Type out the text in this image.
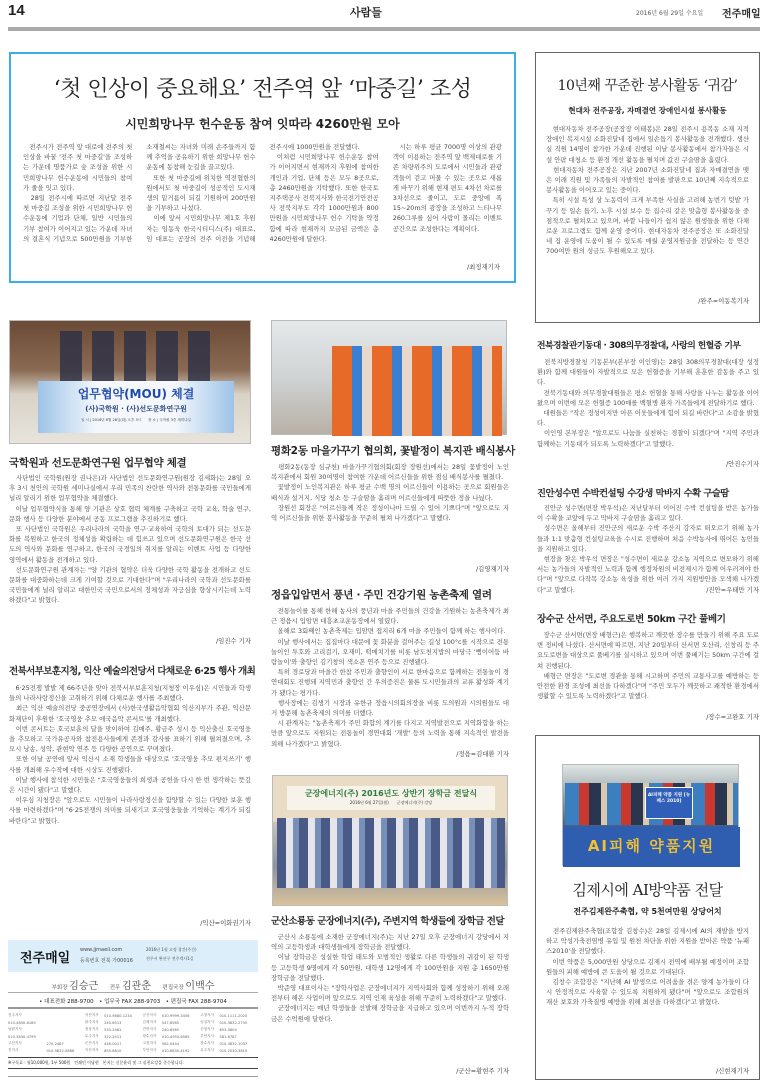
14	사람들	2016년 6월 29일 수요일 전주매일
‘첫 인상이 중요해요’ 전주역 앞 ‘마중길’ 조성
시민희망나무 헌수운동 참여 잇따라 4260만원 모아
　전주시가 전주역 앞 대로에 전주의 첫 인상을 바꿀 '전주 첫 마중길'을 조성하는 가운데 명품가로 숲 조성을 위한 시민희망나무 헌수운동에 시민들의 참여가 줄을 잇고 있다.
　28일 전주시에 따르면 지난달 전주 첫 마중길 조성을 위한 시민희망나무 헌수운동에 기업과 단체, 일반 시민들의 기부 참여가 이어지고 있는 가운데 자녀의 결혼식 기념으로 500만원을 기부한 소재철씨는 자녀와 미래 손주들까지 함께 추억을 공유하기 위한 희망나무 헌수운동에 동참해 눈길을 끌고있다.
　또한 첫 마중길에 위치한 역전협한의원에서도 첫 마중길이 성공적인 도시재생의 밑거름이 되길 기원하며 200만원을 기부하고 나섰다.
　이에 앞서 시민희망나무 제1호 후원자는 임동욱 한국시티디스(주) 대표로, 임 대표는 공장의 전주 이전을 기념해 전주시에 1000만원을 전달했다.
　이처럼 시민희망나무 헌수운동 참여가 이어지면서 현재까지 후원에 참여한 개인과 기업, 단체 등은 모두 8곳으로, 총 2460만원을 기탁했다. 또한 한국토지주택공사 전북지사와 한국전기안전공사 전북지부도 각각 1000만원과 800만원을 시민희망나무 헌수 기탁을 약정함에 따라 현재까지 모금된 금액은 총 4260만원에 달한다.
　시는 하루 평균 7000명 이상의 관광객이 이용하는 전주역 앞 백제대로를 기존 차량위주의 도로에서 시민들과 관광객들이 걷고 머물 수 있는 곳으로 새롭게 바꾸기 위해 현재 편도 4차선 차로를 3차선으로 줄이고, 도로 중앙에 폭15~20m의 광장을 조성하고 느티나무 260그루를 심어 사람이 몰리는 이벤트 공간으로 조성한다는 계획이다.
/최정재기자
10년째 꾸준한 봉사활동 ‘귀감’
현대차 전주공장, 자매결연 장애인시설 봉사활동
　현대자동차 전주공장(공장장 이태봉)은 28일 전주시 용복동 소재 지적장애인 복지시설 소화진달네 집에서 일손돕기 봉사활동을 전개했다. 생산실 직원 14명이 참가한 가운데 진행된 이날 봉사활동에서 참가자들은 시설 안팎 대청소 등 환경 개선 활동을 펼치며 값진 구슬땀을 흘렸다.
　현대자동차 전주공장은 지난 2007년 소화진달네 집과 자매결연을 맺은 이래 직원 및 가족들의 자발적인 참여를 발판으로 10년째 지속적으로 봉사활동을 이어오고 있는 중이다.
　특히 시설 특성 상 노동력이 크게 부족한 사실을 고려해 농번기 텃밭 가꾸기 등 일손 돕기, 노후 시설 보수 등 집수리 같은 맞춤형 봉사활동을 중점적으로 펼쳐오고 있으며, 바깥 나들이가 쉽지 않은 원생들을 위한 다채로운 프로그램도 함께 운영 중이다. 현대자동차 전주공장은 또 소화진달네 집 운영에 도움이 될 수 있도록 매월 운영지원금을 전달하는 등 연간 700여만 원의 성금도 후원해오고 있다.
/완주=이동복기자
업무협약(MOU) 체결
(사)국학원 · (사)선도문화연구원
일 시 | 2016년 6월 28일(화) 오후 3시　　장 소 | 국학원 3층 세미나실
국학원과 선도문화연구원 업무협약 체결
　사단법인 국학원(원장 권나은)과 사단법인 선도문화연구원(원장 김세화)는 28일 오후 3시 천안의 국학원 세미나실에서 우리 민족의 찬란한 역사와 전통문화를 국민들에게 널리 알리기 위한 업무협약을 체결했다.
　이날 업무협약식을 통해 양 기관은 상호 협력 체계를 구축하고 국학 교육, 학술 연구, 문화 행사 등 다양한 분야에서 공동 프로그램을 추진하기로 했다.
　또 사단법인 국학원은 우리나라의 국학을 연구·교육하여 국학의 토대가 되는 선도문화를 복원하고 한국의 정체성을 확립하는 데 힘쓰고 있으며 선도문화연구원은 한국 선도의 역사와 문화를 연구하고, 한국의 국경일의 취지를 알리는 이벤트 사업 등 다양한 영역에서 활동을 전개하고 있다.
　선도문화연구원 관계자는 "양 기관의 협약은 더욱 다양한 국학 활동을 전개하고 선도문화를 대중화하는데 크게 기여할 것으로 기대한다"며 "우리나라의 국학과 선도문화를 국민들에게 널리 알리고 대한민국 국민으로서의 정체성과 자긍심을 향상시키는데 노력하겠다"고 밝혔다.
/임진수 기자
전북서부보훈지청, 익산 예술의전당서 다채로운 6·25 행사 개최
　6·25전쟁 발발 제 66주년을 맞아 전북서부보훈지청(지청장 이우심)은 시민들과 학생들의 나라사랑정신을 고취하기 위해 다채로운 행사를 주최했다.
　최근 익산 예술의전당 중공연장에서 (사)한국생활음악협회 익산지부가 주관, 익산문화재단이 후원한 '호국영웅 추모 애국음악 콘서트'를 개최했다.
　이번 콘서트는 호국보훈의 달을 맞이하여 김매주, 황금주 성시 등 익산출신 호국영웅을 추모하고 국가유공자와 참전용사들에게 존경과 감사를 표하기 위해 펼쳐졌으며, 추모시 낭송, 성악, 관현악 연주 등 다양한 공연으로 꾸며졌다.
　또한 이날 공연에 앞서 익산시 소재 학생들을 대상으로 '호국영웅 추모 편지쓰기' 행사를 개최해 우수작에 대한 시상도 진행됐다.
　이날 행사에 참석한 시민들은 "호국영웅들의 희생과 공헌을 다시 한 번 생각하는 뜻깊은 시간이 됐다"고 말했다.
　이우심 지청장은 "앞으로도 시민들이 나라사랑정신을 함양할 수 있는 다양한 보훈 행사를 마련하겠다"며 "6·25전쟁의 의미를 되새기고 호국영웅들을 기억하는 계기가 되길 바란다"고 밝혔다.
/익산=이화권기자
평화2동 마을가꾸기 협의회, 꽃밭정이 복지관 배식봉사
　평화2동(동장 심규천) 마을가꾸기협의회(회장 장원선)에서는 28일 꽃밭정이 노인복지관에서 회원 30여명이 참여한 가운데 어르신들을 위한 점심 배식봉사를 펼쳤다.
　꽃밭정이 노인복지관은 하루 평균 수백 명의 어르신들이 이용하는 곳으로 회원들은 배식과 설거지, 식당 청소 등 구슬땀을 흘리며 어르신들에게 따뜻한 정을 나눴다.
　장원선 회장은 "어르신들께 작은 정성이나마 드릴 수 있어 기쁘다"며 "앞으로도 지역 어르신들을 위한 봉사활동을 꾸준히 펼쳐 나가겠다"고 말했다.
/김영재기자
정읍입암면서 풍년 · 주민 건강기원 농촌축제 열려
　전통놀이를 통해 한해 농사의 풍년과 마을 주민들의 건강을 기원하는 농촌축제가 최근 정읍시 입암면 대흥초교운동장에서 열렸다.
　올해로 3회째인 농촌축제는 입암면 접지리 6개 마을 주민들이 함께 하는 행사이다.
　이날 행사에서는 집집마다 대문에 꽃 화분을 걸어주는 길성 100°c를 시작으로 전통놀이인 투호와 고리걸기, 오재미, 떡메치기를 비롯 남도천지밥의 마당극 '뻥이어둠 바람놀이'와 출향인 김기창의 색소폰 연주 등으로 진행됐다.
　특히 경로당과 마을간 한참 주민과 출향인이 서로 한마음으로 함께하는 전통놀이 경연대회도 진행돼 지역민과 출향인 간 우의증진은 물론 도시민들과의 교류 활성화 계기가 됐다는 평가다.
　행사장에는 김생기 시장과 유한규 정읍시의회의장을 비롯 도의원과 시의원들도 대거 방문해 농촌축제의 의미를 더했다.
　시 관계자는 "농촌축제가 주민 화합의 계기를 다지고 지역발전으로 지역화합을 하는 만큼 앞으로도 지원되는 전통놀이 경연대회 '개발' 등의 노력을 통해 지속적인 발전을 꾀해 나가겠다"고 밝혔다.
/정읍=김대환 기자
군장에너지(주) 2016년도 상반기 장학금 전달식
2016년 6월 27일(월)　　군장에너지(주) 강당
군산소룡동 군장에너지(주), 주변지역 학생들에 장학금 전달
　군산시 소룡동에 소재한 군장에너지(주)는 지난 27일 오후 군장에너지 강당에서 지역의 고등학생과 대학생들에게 장학금을 전달했다.
　이날 장학금은 성실한 학업 태도와 모범적인 생활로 다른 학생들의 귀감이 된 학생 등 고등학생 9명에게 각 50만원, 대학생 12명에게 각 100만원을 지원 총 1650만원 장학금을 전달했다.
　박준영 대표이사는 "장학사업은 군장에너지가 지역사회와 함께 성장하기 위해 오래전부터 해온 사업이며 앞으로도 지역 인재 육성을 위해 꾸준히 노력하겠다"고 말했다.
　군장에너지는 매년 학생들을 선발해 장학금을 지급하고 있으며 이번까지 누적 장학금은 수억원에 달한다.
/군산=황현주 기자
전북경찰관기동대 · 308의무경찰대, 사랑의 헌혈증 기부
　전북지방경찰청 기동본부(본부장 이인영)는 28일 308의무경찰대(대장 성정환)와 함께 대원들이 자발적으로 모은 헌혈증을 기부해 훈훈한 감동을 주고 있다.
　전북기동대와 의무경찰대원들은 평소 헌혈을 통해 사랑을 나누는 활동을 이어왔으며 이번에 모은 헌혈증 100매를 백혈병 환자 가족들에게 전달하기로 했다.
　대원들은 "작은 정성이지만 아픈 이웃들에게 힘이 되길 바란다"고 소감을 밝혔다.
　이인영 본부장은 "앞으로도 나눔을 실천하는 경찰이 되겠다"며 "지역 주민과 함께하는 기동대가 되도록 노력하겠다"고 말했다.
/안진수기자
진안성수면 수박컨설팅 수강생 막바지 수확 구슬땀
　진안군 성수면(면장 박우석)은 지난달부터 이어진 수박 컨설팅을 받은 농가들이 수확을 코앞에 두고 막바지 구슬땀을 흘리고 있다.
　성수면은 올해부터 진안군의 새로운 수박 주산지 강자로 떠오르기 위해 농가들과 1:1 맞춤형 컨설팅교육을 수시로 진행하며 처음 수박농사에 뛰어든 농민들을 지원하고 있다.
　현장을 찾은 박우석 면장은 "성수면이 새로운 강소농 지역으로 변모하기 위해서는 농가들의 자발적인 노력과 함께 행정차원의 비전제시가 함께 어우러져야 한다"며 "앞으로 다작목 강소농 육성을 위한 여러 가지 지원방안을 모색해 나가겠다"고 말했다.	/진안=우태만 기자
장수군 산서면, 주요도로변 50km 구간 풀베기
　장수군 산서면(면장 배형근)은 행복하고 깨끗한 장수를 만들기 위해 주요 도로변 정비에 나섰다. 산서면에 따르면, 지난 20일부터 산서면 오산리, 신창리 등 주요도로변을 대상으로 풀베기를 실시하고 있으며 이번 풀베기는 50km 구간에 걸쳐 진행된다.
　배형근 면장은 "도로변 경관을 통해 시고하며 주민의 교통사고를 예방하는 등 안전한 환경 조성에 최선을 다하겠다"며 "주민 모두가 깨끗하고 쾌적한 환경에서 생활할 수 있도록 노력하겠다"고 말했다.
/장수=고완호 기자
AI피해 약품 지원 [뉴패스 2010]
AI피해 약품지원
김제시에 AI방약품 전달
전주김제완주축협, 약 5천여만원 상당어치
　전주김제완주축협(조합장 김창수)은 28일 김제시에 AI의 재발을 방지하고 악성가축전염병 유입 및 원천 차단을 위한 지원을 받아온 약품 '뉴패스2010'을 전달했다.
　이번 약품은 5,000만원 상당으로 김제시 전역에 배부될 예정이며 조합원들의 피해 예방에 큰 도움이 될 것으로 기대된다.
　김창수 조합장은 "지난해 AI 발생으로 어려움을 겪은 양계 농가들이 다시 안정적으로 사육할 수 있도록 지원하게 됐다"며 "앞으로도 조합원의 재산 보호와 가축질병 예방을 위해 최선을 다하겠다"고 밝혔다.
/신현재기자
전주매일
www.jjmaeil.com
등록번호 전북 가00016
2016년 1월 고정 창간(주간)
전주시 완산구 전주객사1길
부회장 김승근 전무 김관춘 편집국장 이백수
• 대표전화 288-9700　• 업무국 FAX 288-9703　• 편집국 FAX 288-9704
전주지사		익산지사	010-9880-1234	군산지사	010-9999-3456	고창지사	010-1111-2020
010-4830-6180		완주지사	240-6513	김제지사	547-6565	임실지사	010-3832-2735
남원지사		정읍지사	533-2481	진안지사	240-6565	순창지사	653-0804
010-3830-4799		무주지사	322-2411	장수지사	010-4950-6565	부안지사	581-6787
고산지사	270-2487	군산지사	446-0017	고창지사	562-0444	장수지사	010-3832-1037
진지사	010-9832-5886	익산지사	855-6810	부안지사	010-6830-4192	무주지사	010-2030-3810
※구독료 : 월10,000원, 1부 500원　인쇄인 이남현　본지는 신문윤리 및 그 실천요강을 준수합니다.
